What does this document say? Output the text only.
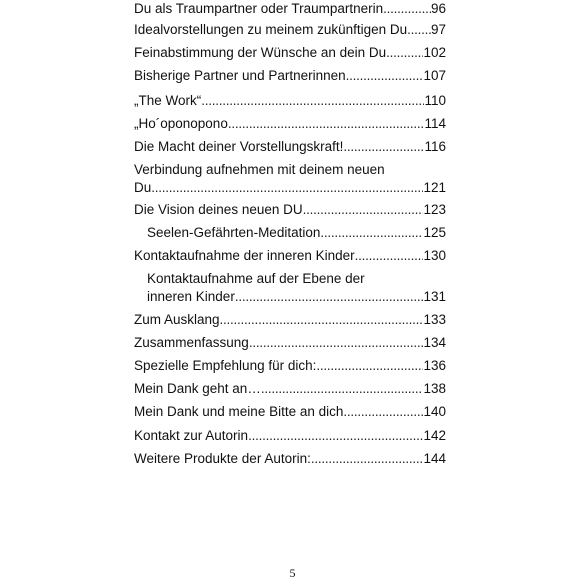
Du als Traumpartner oder Traumpartnerin . . .	96
Idealvorstellungen zu meinem zukünftigen Du . . . 97
Feinabstimmung der Wünsche an dein Du . . .	102
Bisherige Partner und Partnerinnen . . .	107
„The Work“ . . .	110
„Ho´oponopono . . .	114
Die Macht deiner Vorstellungskraft! . . .	116
Verbindung aufnehmen mit deinem neuen
Du . . .	121
Die Vision deines neuen DU . . .	123
Seelen-Gefährten-Meditation . . .	125
Kontaktaufnahme der inneren Kinder . . .	130
Kontaktaufnahme auf der Ebene der
inneren Kinder . . .	131
Zum Ausklang . . .	133
Zusammenfassung . . .	134
Spezielle Empfehlung für dich: . . .	136
Mein Dank geht an… . . .	138
Mein Dank und meine Bitte an dich . . .	140
Kontakt zur Autorin . . .	142
Weitere Produkte der Autorin: . . .	144
5
